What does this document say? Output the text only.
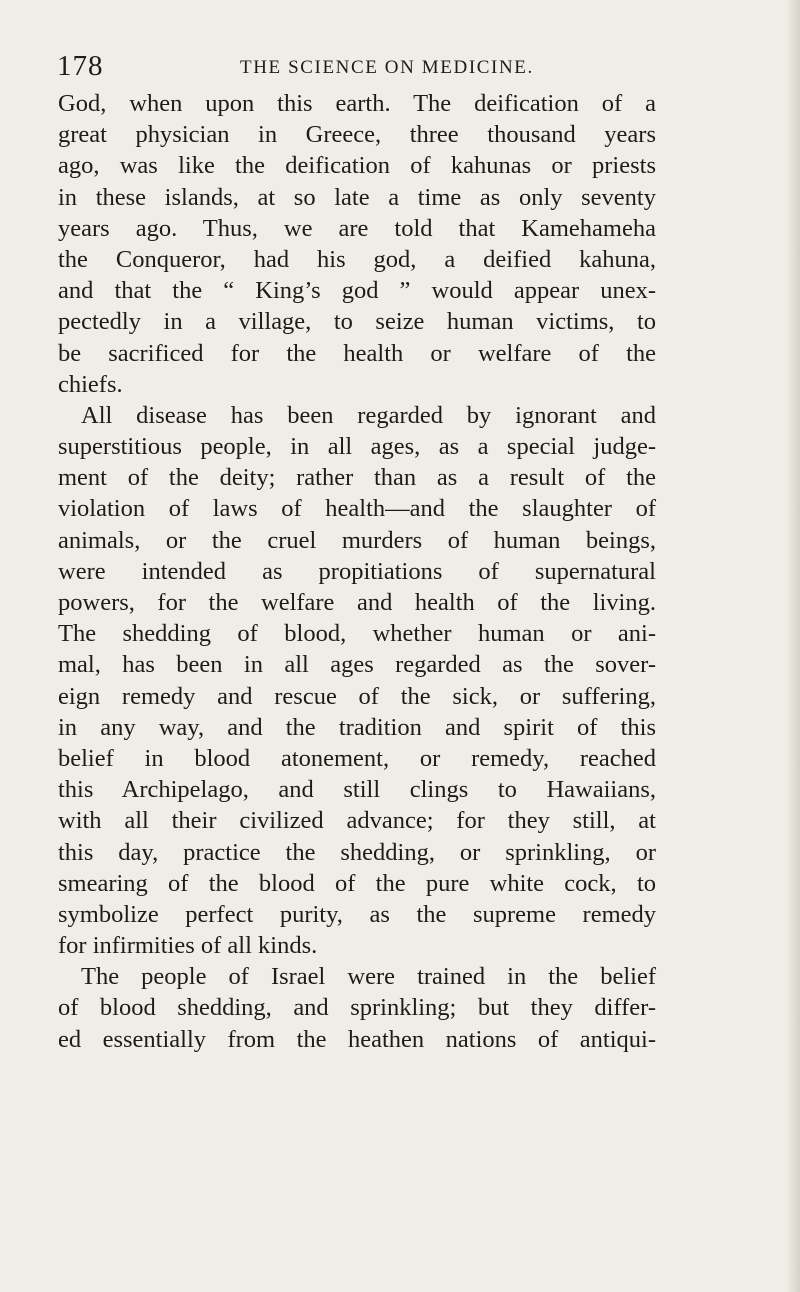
178	THE SCIENCE ON MEDICINE.
God, when upon this earth. The deification of a
great physician in Greece, three thousand years
ago, was like the deification of kahunas or priests
in these islands, at so late a time as only seventy
years ago. Thus, we are told that Kamehameha
the Conqueror, had his god, a deified kahuna,
and that the “ King’s god ” would appear unex-
pectedly in a village, to seize human victims, to
be sacrificed for the health or welfare of the
chiefs.
All disease has been regarded by ignorant and
superstitious people, in all ages, as a special judge-
ment of the deity; rather than as a result of the
violation of laws of health—and the slaughter of
animals, or the cruel murders of human beings,
were intended as propitiations of supernatural
powers, for the welfare and health of the living.
The shedding of blood, whether human or ani-
mal, has been in all ages regarded as the sover-
eign remedy and rescue of the sick, or suffering,
in any way, and the tradition and spirit of this
belief in blood atonement, or remedy, reached
this Archipelago, and still clings to Hawaiians,
with all their civilized advance; for they still, at
this day, practice the shedding, or sprinkling, or
smearing of the blood of the pure white cock, to
symbolize perfect purity, as the supreme remedy
for infirmities of all kinds.
The people of Israel were trained in the belief
of blood shedding, and sprinkling; but they differ-
ed essentially from the heathen nations of antiqui-
